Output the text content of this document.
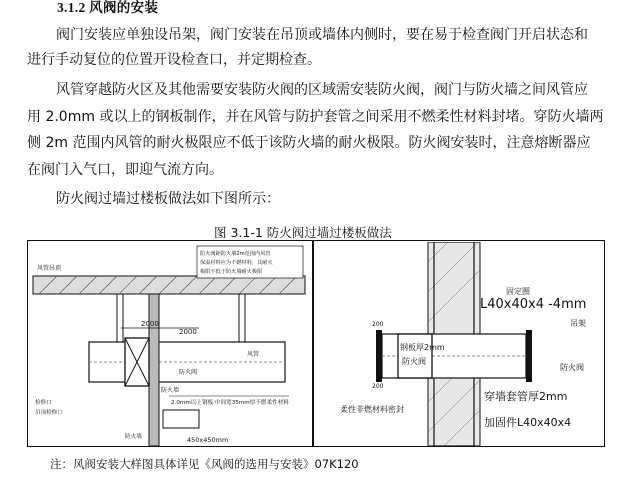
3.1.2 风阀的安装
阀门安装应单独设吊架，阀门安装在吊顶或墙体内侧时，要在易于检查阀门开启状态和
进行手动复位的位置开设检查口，并定期检查。
风管穿越防火区及其他需要安装防火阀的区域需安装防火阀，阀门与防火墙之间风管应
用 2.0mm 或以上的钢板制作，并在风管与防护套管之间采用不燃柔性材料封堵。穿防火墙两
侧 2m 范围内风管的耐火极限应不低于该防火墙的耐火极限。防火阀安装时，注意熔断器应
在阀门入气口，即迎气流方向。
防火阀过墙过楼板做法如下图所示：
图 3.1-1 防火阀过墙过楼板做法
2000
2000
风管吊顶
防火阀距防火墙2m范围内风管
保温材料应为不燃材料，其耐火
极限不低于防火墙耐火极限
防火阀
风管
防火墙
2.0mm以上钢板 中间宽35mm厚不燃柔性材料
检修口
吊顶检修口
450x450mm
防火墙
固定圈
L40x40x4 -4mm
吊架
防火阀
钢板厚2mm
防火阀
柔性非燃材料密封
穿墙套管厚2mm
加固件L40x40x4
200
200
注：风阀安装大样图具体详见《风阀的选用与安装》07K120
